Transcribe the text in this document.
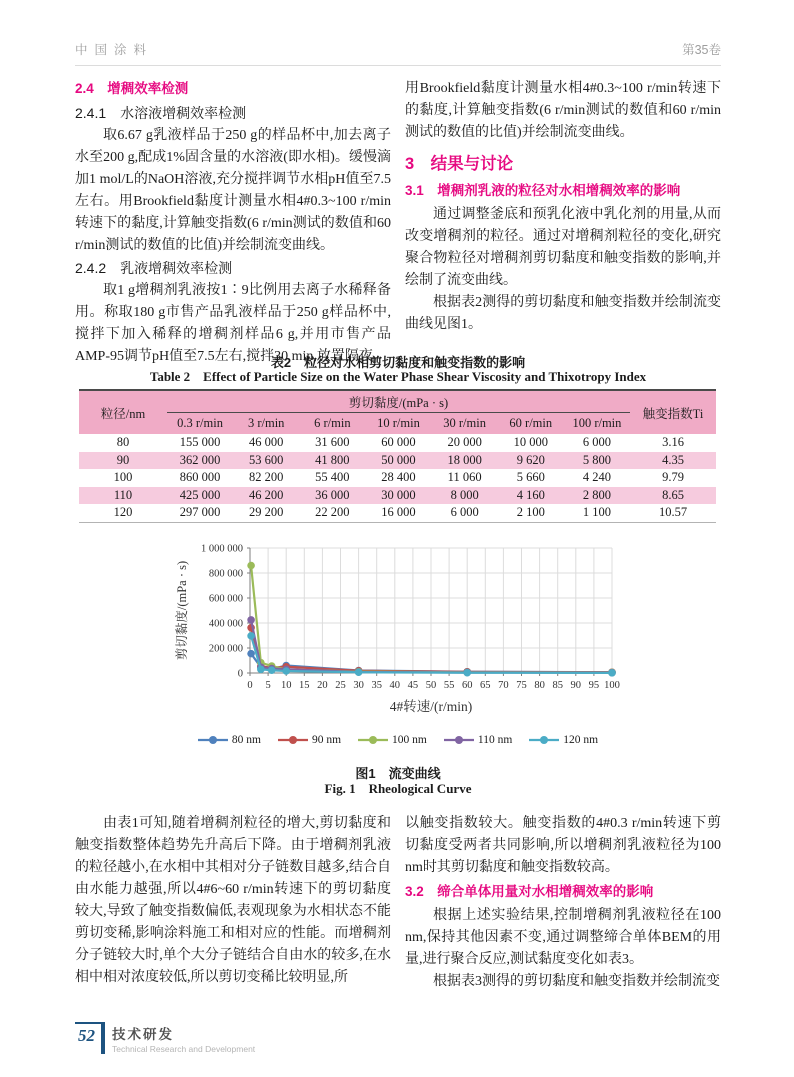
中国涂料	第35卷
2.4　增稠效率检测
2.4.1　水溶液增稠效率检测

取6.67 g乳液样品于250 g的样品杯中,加去离子水至200 g,配成1%固含量的水溶液(即水相)。缓慢滴加1 mol/L的NaOH溶液,充分搅拌调节水相pH值至7.5左右。用Brookfield黏度计测量水相4#0.3~100 r/min转速下的黏度,计算触变指数(6 r/min测试的数值和60 r/min测试的数值的比值)并绘制流变曲线。

2.4.2　乳液增稠效率检测

取1 g增稠剂乳液按1∶9比例用去离子水稀释备用。称取180 g市售产品乳液样品于250 g样品杯中,搅拌下加入稀释的增稠剂样品6 g,并用市售产品AMP-95调节pH值至7.5左右,搅拌30 min,放置隔夜

用Brookfield黏度计测量水相4#0.3~100 r/min转速下的黏度,计算触变指数(6 r/min测试的数值和60 r/min测试的数值的比值)并绘制流变曲线。

3　结果与讨论
3.1　增稠剂乳液的粒径对水相增稠效率的影响

通过调整釜底和预乳化液中乳化剂的用量,从而改变增稠剂的粒径。通过对增稠剂粒径的变化,研究聚合物粒径对增稠剂剪切黏度和触变指数的影响,并绘制了流变曲线。

根据表2测得的剪切黏度和触变指数并绘制流变曲线见图1。

表2　粒径对水相剪切黏度和触变指数的影响
Table 2 Effect of Particle Size on the Water Phase Shear Viscosity and Thixotropy Index
粒径/nm	剪切黏度/(mPa · s)							触变指数Ti
	0.3 r/min	3 r/min	6 r/min	10 r/min	30 r/min	60 r/min	100 r/min	
80	155 000	46 000	31 600	60 000	20 000	10 000	6 000	3.16
90	362 000	53 600	41 800	50 000	18 000	9 620	5 800	4.35
100	860 000	82 200	55 400	28 400	11 060	5 660	4 240	9.79
110	425 000	46 200	36 000	30 000	8 000	4 160	2 800	8.65
120	297 000	29 200	22 200	16 000	6 000	2 100	1 100	10.57
0 5 10 15 20 25 30 35 40 45 50 55 60 65 70 75 80 85 90 95 100
0
200 000
400 000
600 000
800 000
1 000 000
剪切黏度/(mPa · s)
4#转速/(r/min)
80 nm	90 nm	100 nm	110 nm	120 nm
图1　流变曲线
Fig. 1 Rheological Curve

由表1可知,随着增稠剂粒径的增大,剪切黏度和触变指数整体趋势先升高后下降。由于增稠剂乳液的粒径越小,在水相中其相对分子链数目越多,结合自由水能力越强,所以4#6~60 r/min转速下的剪切黏度较大,导致了触变指数偏低,表观现象为水相状态不能剪切变稀,影响涂料施工和相对应的性能。而增稠剂分子链较大时,单个大分子链结合自由水的较多,在水相中相对浓度较低,所以剪切变稀比较明显,所

以触变指数较大。触变指数的4#0.3 r/min转速下剪切黏度受两者共同影响,所以增稠剂乳液粒径为100 nm时其剪切黏度和触变指数较高。

3.2　缔合单体用量对水相增稠效率的影响

根据上述实验结果,控制增稠剂乳液粒径在100 nm,保持其他因素不变,通过调整缔合单体BEM的用量,进行聚合反应,测试黏度变化如表3。

根据表3测得的剪切黏度和触变指数并绘制流变

52	技术研发
Technical Research and Development
